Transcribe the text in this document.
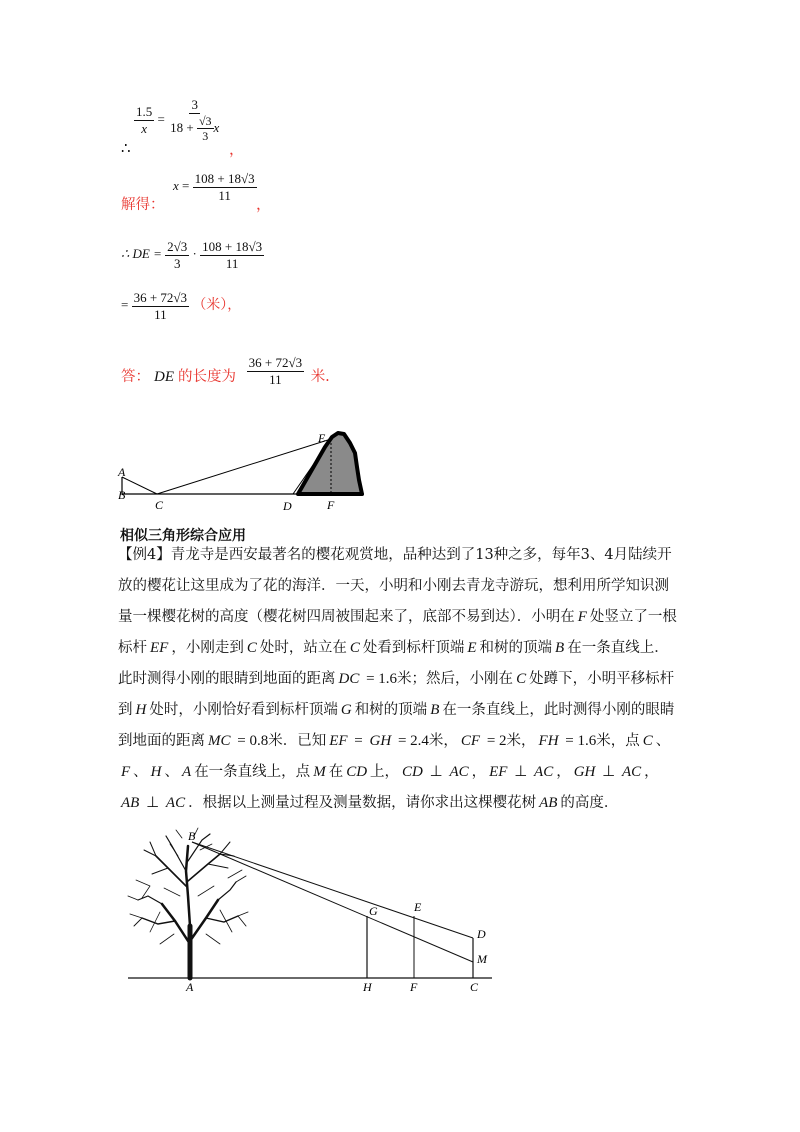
$\frac{1.5}{x} = \frac{3}{18 + \frac{√3}{3} x}$
∴	，
解得：
$x = \frac{108 + 18√3}{11}$
，
∴ DE = $\frac{2√3}{3} \cdot \frac{108 + 18√3}{11}$
= $\frac{36 + 72√3}{11}$ （米），
答： DE 的长度为 $\frac{36 + 72√3}{11}$ 米.
E
A
B
C	D	F
相似三角形综合应用
【例4】青龙寺是西安最著名的樱花观赏地，品种达到了13种之多，每年3、4月陆续开放的樱花让这里成为了花的海洋．一天，小明和小刚去青龙寺游玩，想利用所学知识测量一棵樱花树的高度（樱花树四周被围起来了，底部不易到达）．小明在 F 处竖立了一根标杆 EF ，小刚走到 C 处时，站立在 C 处看到标杆顶端 E 和树的顶端 B 在一条直线上．此时测得小刚的眼睛到地面的距离 DC = 1.6米；然后，小刚在 C 处蹲下，小明平移标杆到 H 处时，小刚恰好看到标杆顶端 G 和树的顶端 B 在一条直线上，此时测得小刚的眼睛到地面的距离 MC = 0.8米．已知 EF = GH = 2.4米， CF = 2米， FH = 1.6米，点 C 、F 、 H 、 A 在一条直线上，点 M 在 CD 上， CD ⊥ AC ， EF ⊥ AC ， GH ⊥ AC ，AB ⊥ AC ．根据以上测量过程及测量数据，请你求出这棵樱花树 AB 的高度．
B
G	E
D
M
A	H	F	C
